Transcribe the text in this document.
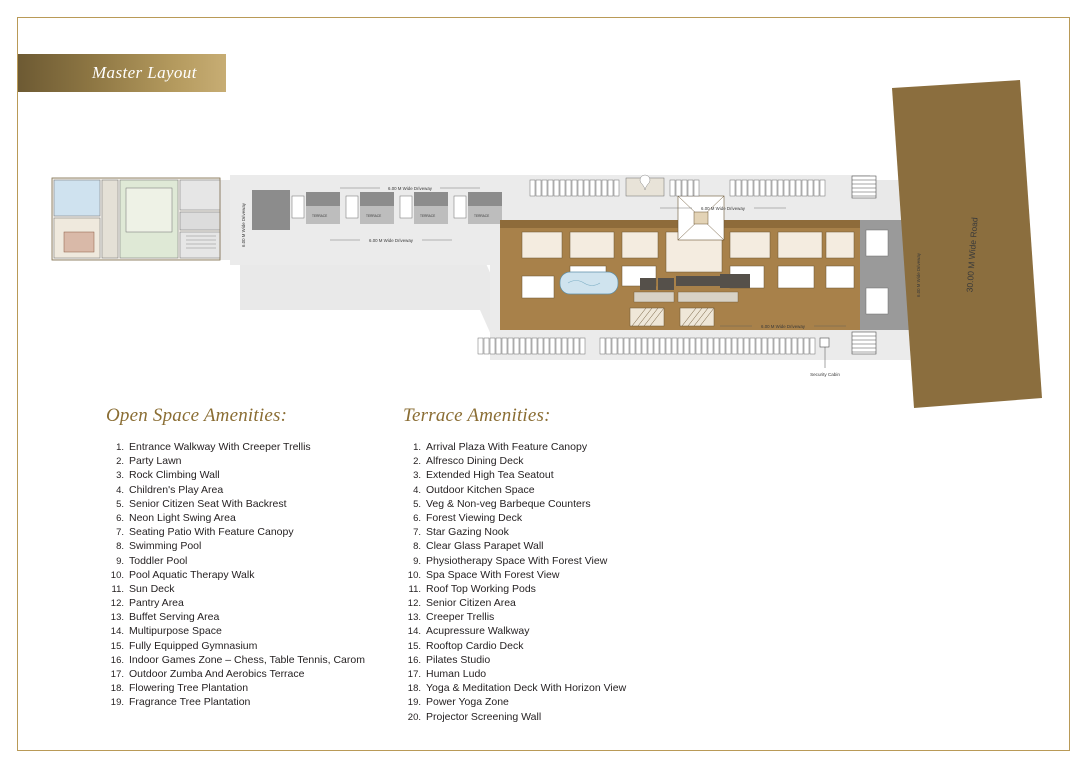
Master Layout
TERRACE	TERRACE	TERRACE	TERRACE
30.00 M Wide Road
6.00 M Wide Driveway
6.00 M Wide Driveway
6.00 M Wide Driveway
6.00 M Wide Driveway
6.00 M Wide Driveway
6.00 M Wide Driveway
Security Cabin
Open Space Amenities:
Entrance Walkway With Creeper Trellis
Party Lawn
Rock Climbing Wall
Children's Play Area
Senior Citizen Seat With Backrest
Neon Light Swing Area
Seating Patio With Feature Canopy
Swimming Pool
Toddler Pool
Pool Aquatic Therapy Walk
Sun Deck
Pantry Area
Buffet Serving Area
Multipurpose Space
Fully Equipped Gymnasium
Indoor Games Zone – Chess, Table Tennis, Carom
Outdoor Zumba And Aerobics Terrace
Flowering Tree Plantation
Fragrance Tree Plantation
Terrace Amenities:
Arrival Plaza With Feature Canopy
Alfresco Dining Deck
Extended High Tea Seatout
Outdoor Kitchen Space
Veg & Non-veg Barbeque Counters
Forest Viewing Deck
Star Gazing Nook
Clear Glass Parapet Wall
Physiotherapy Space With Forest View
Spa Space With Forest View
Roof Top Working Pods
Senior Citizen Area
Creeper Trellis
Acupressure Walkway
Rooftop Cardio Deck
Pilates Studio
Human Ludo
Yoga & Meditation Deck With Horizon View
Power Yoga Zone
Projector Screening Wall
